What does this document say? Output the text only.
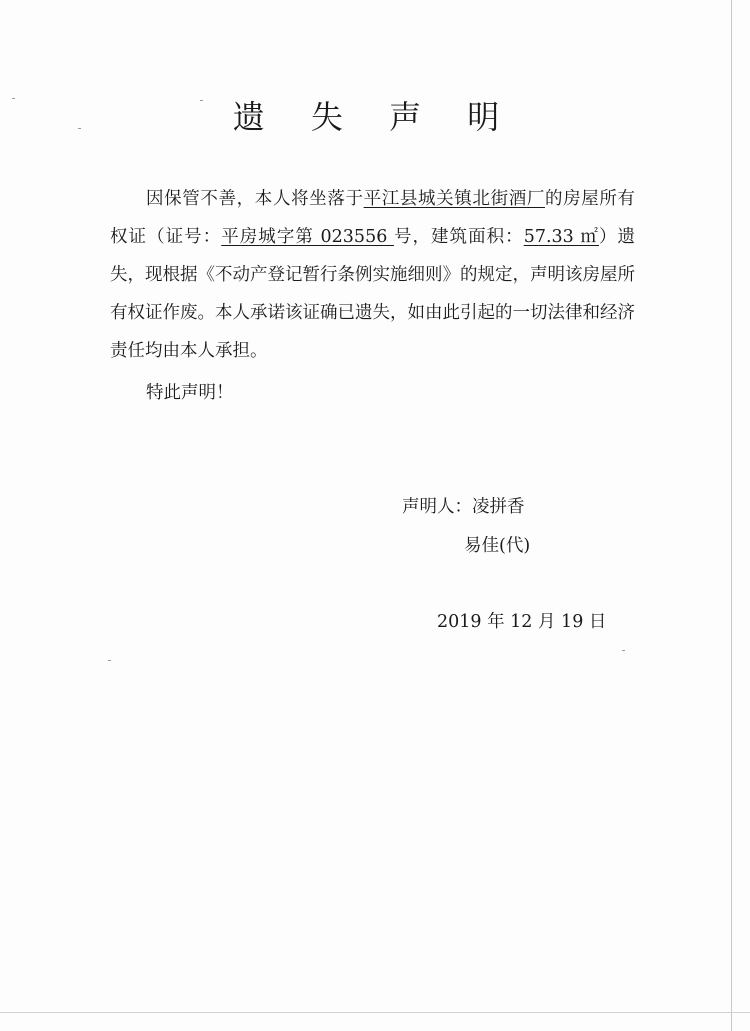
遗 失 声 明
因保管不善，本人将坐落于平江县城关镇北街酒厂的房屋所有权证（证号：平房城字第 023556 号，建筑面积：57.33 ㎡）遗失，现根据《不动产登记暂行条例实施细则》的规定，声明该房屋所有权证作废。本人承诺该证确已遗失，如由此引起的一切法律和经济责任均由本人承担。
特此声明！
声明人：凌拼香
易佳(代)
2019 年 12 月 19 日
